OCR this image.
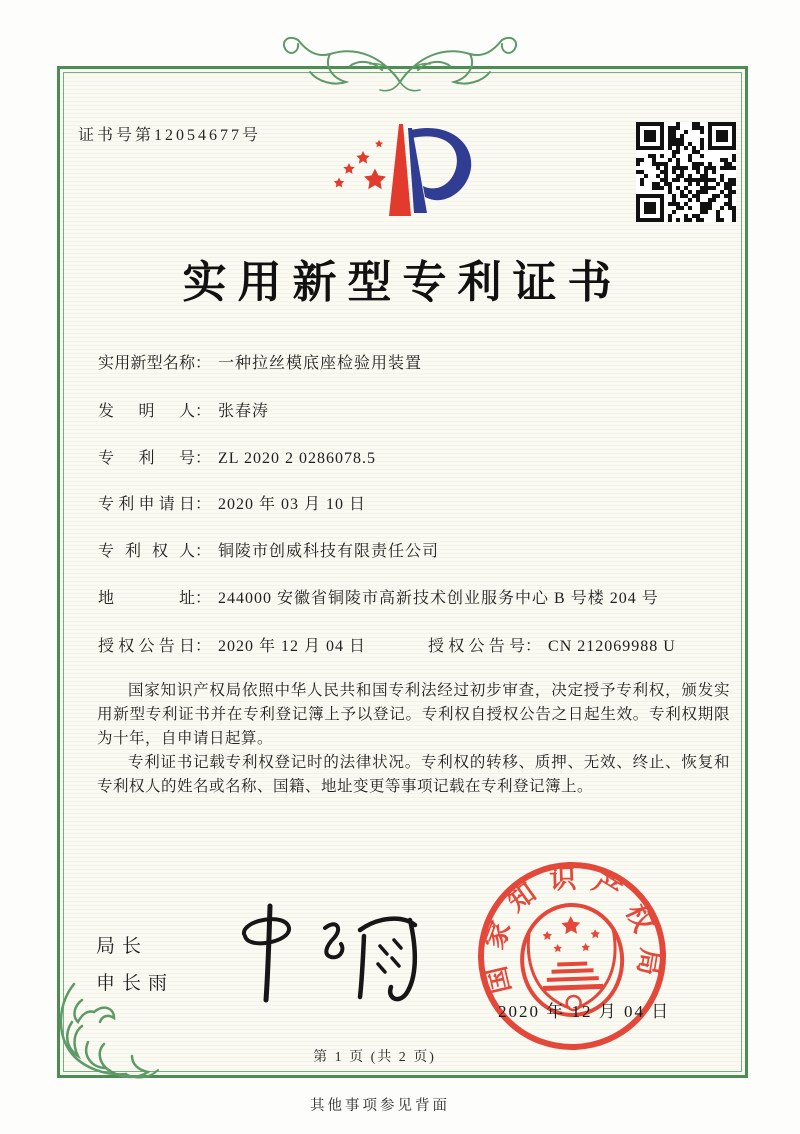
证书号第12054677号
实用新型专利证书
实用新型名称： 一种拉丝模底座检验用装置
发明人： 张春涛
专利号： ZL 2020 2 0286078.5
专利申请日： 2020 年 03 月 10 日
专利权人： 铜陵市创威科技有限责任公司
地址： 244000 安徽省铜陵市高新技术创业服务中心 B 号楼 204 号
授权公告日： 2020 年 12 月 04 日	授权公告号： CN 212069988 U

国家知识产权局依照中华人民共和国专利法经过初步审查，决定授予专利权，颁发实用新型专利证书并在专利登记簿上予以登记。专利权自授权公告之日起生效。专利权期限为十年，自申请日起算。

专利证书记载专利权登记时的法律状况。专利权的转移、质押、无效、终止、恢复和专利权人的姓名或名称、国籍、地址变更等事项记载在专利登记簿上。

局长
申长雨	国家知识产权局
2020 年 12 月 04 日
第 1 页 (共 2 页)
其他事项参见背面
